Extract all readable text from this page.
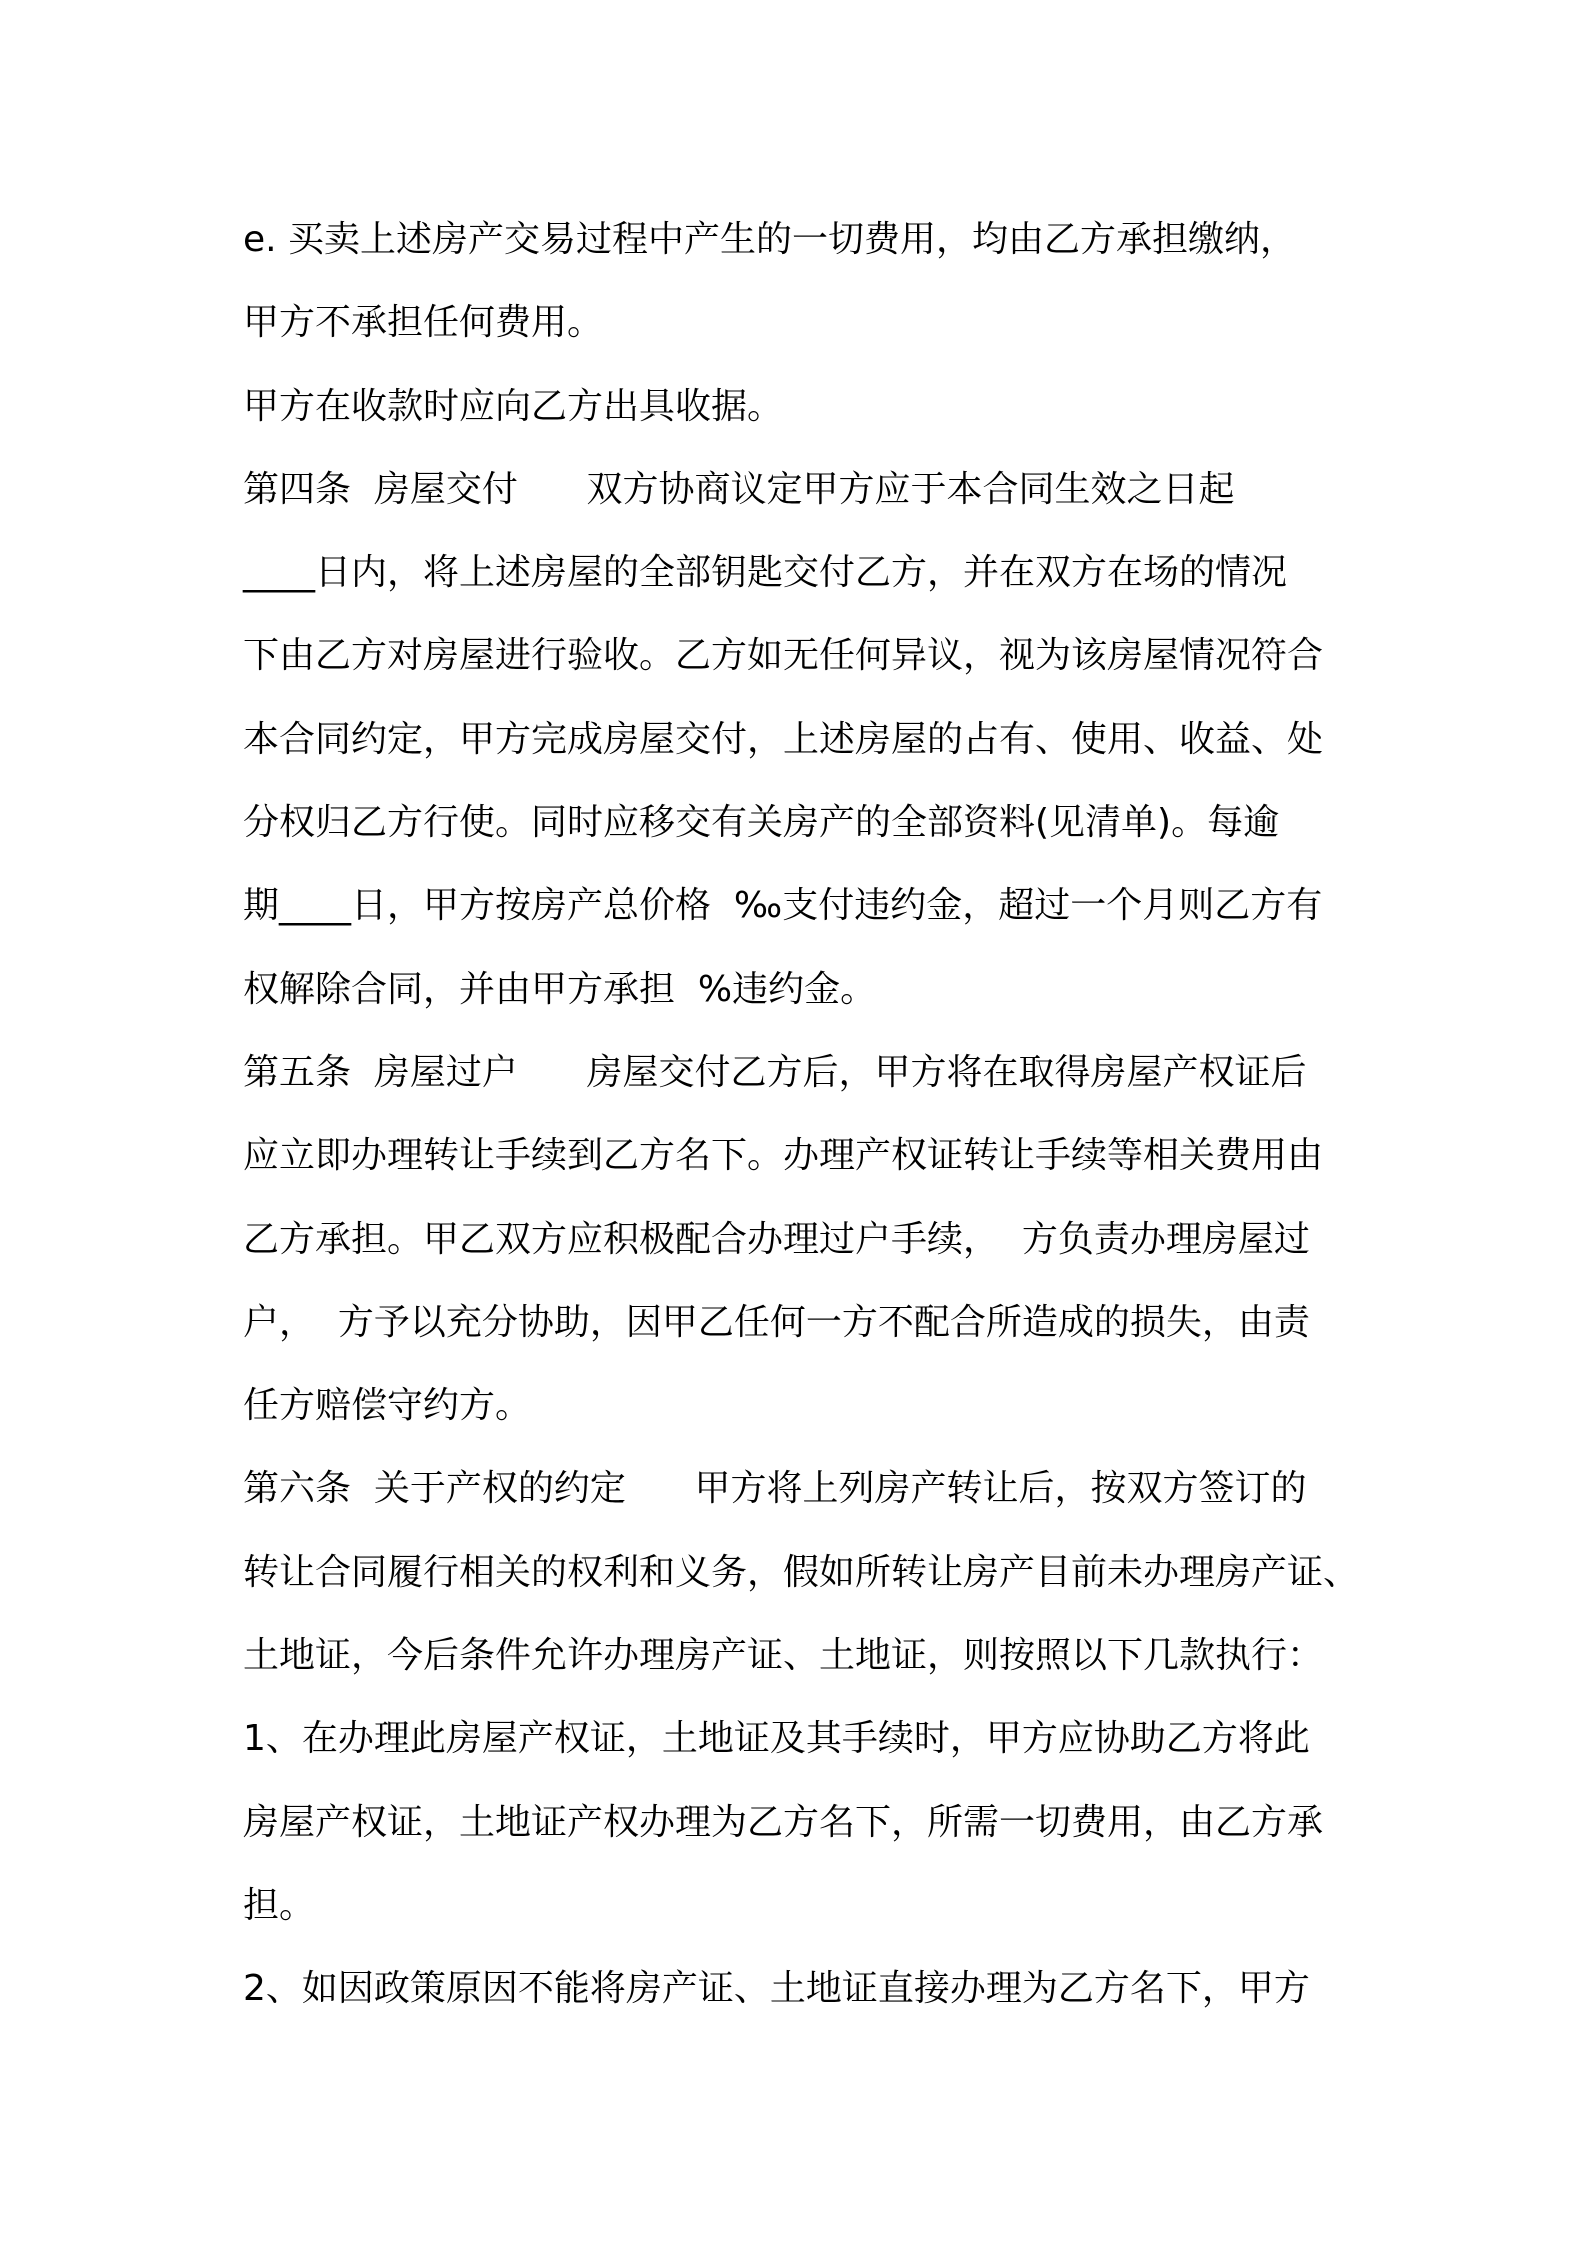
e. 买卖上述房产交易过程中产生的一切费用，均由乙方承担缴纳，

甲方不承担任何费用。

甲方在收款时应向乙方出具收据。

第四条  房屋交付      双方协商议定甲方应于本合同生效之日起

____日内，将上述房屋的全部钥匙交付乙方，并在双方在场的情况

下由乙方对房屋进行验收。乙方如无任何异议，视为该房屋情况符合

本合同约定，甲方完成房屋交付，上述房屋的占有、使用、收益、处

分权归乙方行使。同时应移交有关房产的全部资料(见清单)。每逾

期____日，甲方按房产总价格  ‰支付违约金，超过一个月则乙方有

权解除合同，并由甲方承担  %违约金。

第五条  房屋过户      房屋交付乙方后，甲方将在取得房屋产权证后

应立即办理转让手续到乙方名下。办理产权证转让手续等相关费用由

乙方承担。甲乙双方应积极配合办理过户手续，  方负责办理房屋过

户，  方予以充分协助，因甲乙任何一方不配合所造成的损失，由责

任方赔偿守约方。

第六条  关于产权的约定      甲方将上列房产转让后，按双方签订的

转让合同履行相关的权利和义务，假如所转让房产目前未办理房产证、

土地证，今后条件允许办理房产证、土地证，则按照以下几款执行：

1、在办理此房屋产权证，土地证及其手续时，甲方应协助乙方将此

房屋产权证，土地证产权办理为乙方名下，所需一切费用，由乙方承

担。

2、如因政策原因不能将房产证、土地证直接办理为乙方名下，甲方
